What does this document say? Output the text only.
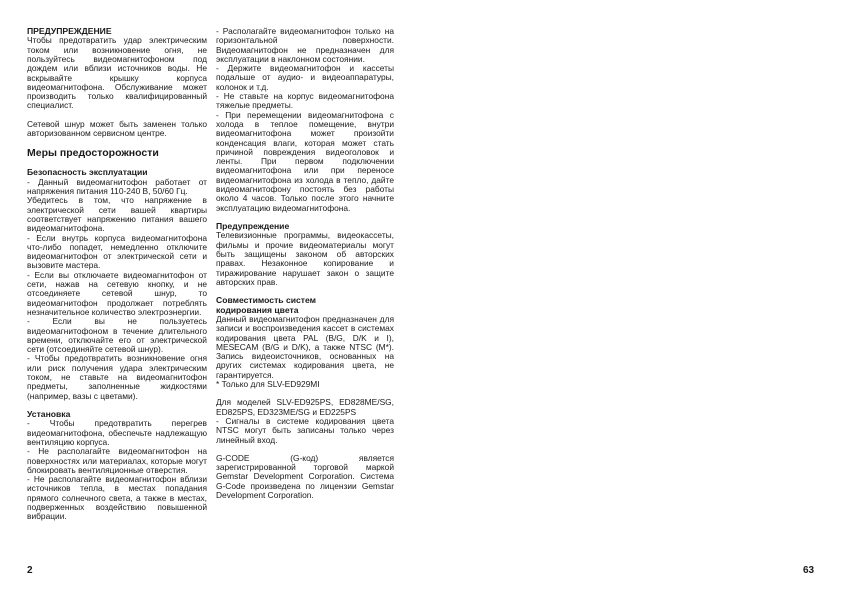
ПРЕДУПРЕЖДЕНИЕ

Чтобы предотвратить удар электрическим током или возникновение огня, не пользуйтесь видеомагнитофоном под дождем или вблизи источников воды. Не вскрывайте крышку корпуса видеомагнитофона. Обслуживание может производить только квалифицированный специалист.

Сетевой шнур может быть заменен только авторизованном сервисном центре.

Меры предосторожности
Безопасность эксплуатации

- Данный видеомагнитофон работает от напряжения питания 110-240 В, 50/60 Гц.

Убедитесь в том, что напряжение в электрической сети вашей квартиры соответствует напряжению питания вашего видеомагнитофона.

- Если внутрь корпуса видеомагнитофона что-либо попадет, немедленно отключите видеомагнитофон от электрической сети и вызовите мастера.

- Если вы отключаете видеомагнитофон от сети, нажав на сетевую кнопку, и не отсоединяете сетевой шнур, то видеомагнитофон продолжает потреблять незначительное количество электроэнергии.

- Если вы не пользуетесь видеомагнитофоном в течение длительного времени, отключайте его от электрической сети (отсоединяйте сетевой шнур).

- Чтобы предотвратить возникновение огня или риск получения удара электрическим током, не ставьте на видеомагнитофон предметы, заполненные жидкостями (например, вазы с цветами).

Установка

- Чтобы предотвратить перегрев видеомагнитофона, обеспечьте надлежащую вентиляцию корпуса.

- Не располагайте видеомагнитофон на поверхностях или материалах, которые могут блокировать вентиляционные отверстия.

- Не располагайте видеомагнитофон вблизи источников тепла, в местах попадания прямого солнечного света, а также в местах, подверженных воздействию повышенной вибрации.

- Располагайте видеомагнитофон только на горизонтальной поверхности. Видеомагнитофон не предназначен для эксплуатации в наклонном состоянии.

- Держите видеомагнитофон и кассеты подальше от аудио- и видеоаппаратуры, колонок и т.д.

- Не ставьте на корпус видеомагнитофона тяжелые предметы.

- При перемещении видеомагнитофона с холода в теплое помещение, внутри видеомагнитофона может произойти конденсация влаги, которая может стать причиной повреждения видеоголовок и ленты. При первом подключении видеомагнитофона или при переносе видеомагнитофона из холода в тепло, дайте видеомагнитофону постоять без работы около 4 часов. Только после этого начните эксплуатацию видеомагнитофона.

Предупреждение

Телевизионные программы, видеокассеты, фильмы и прочие видеоматериалы могут быть защищены законом об авторских правах. Незаконное копирование и тиражирование нарушает закон о защите авторских прав.

Совместимость систем
кодирования цвета

Данный видеомагнитофон предназначен для записи и воспроизведения кассет в системах кодирования цвета PAL (B/G, D/K и I), MESECAM (B/G и D/K), а также NTSC (M*). Запись видеоисточников, основанных на других системах кодирования цвета, не гарантируется.

* Только для SLV-ED929MI

Для моделей SLV-ED925PS, ED828ME/SG, ED825PS, ED323ME/SG и ED225PS

- Сигналы в системе кодирования цвета NTSC могут быть записаны только через линейный вход.

G-CODE (G-код) является зарегистрированной торговой маркой Gemstar Development Corporation. Система G-Code произведена по лицензии Gemstar Development Corporation.

2	63
